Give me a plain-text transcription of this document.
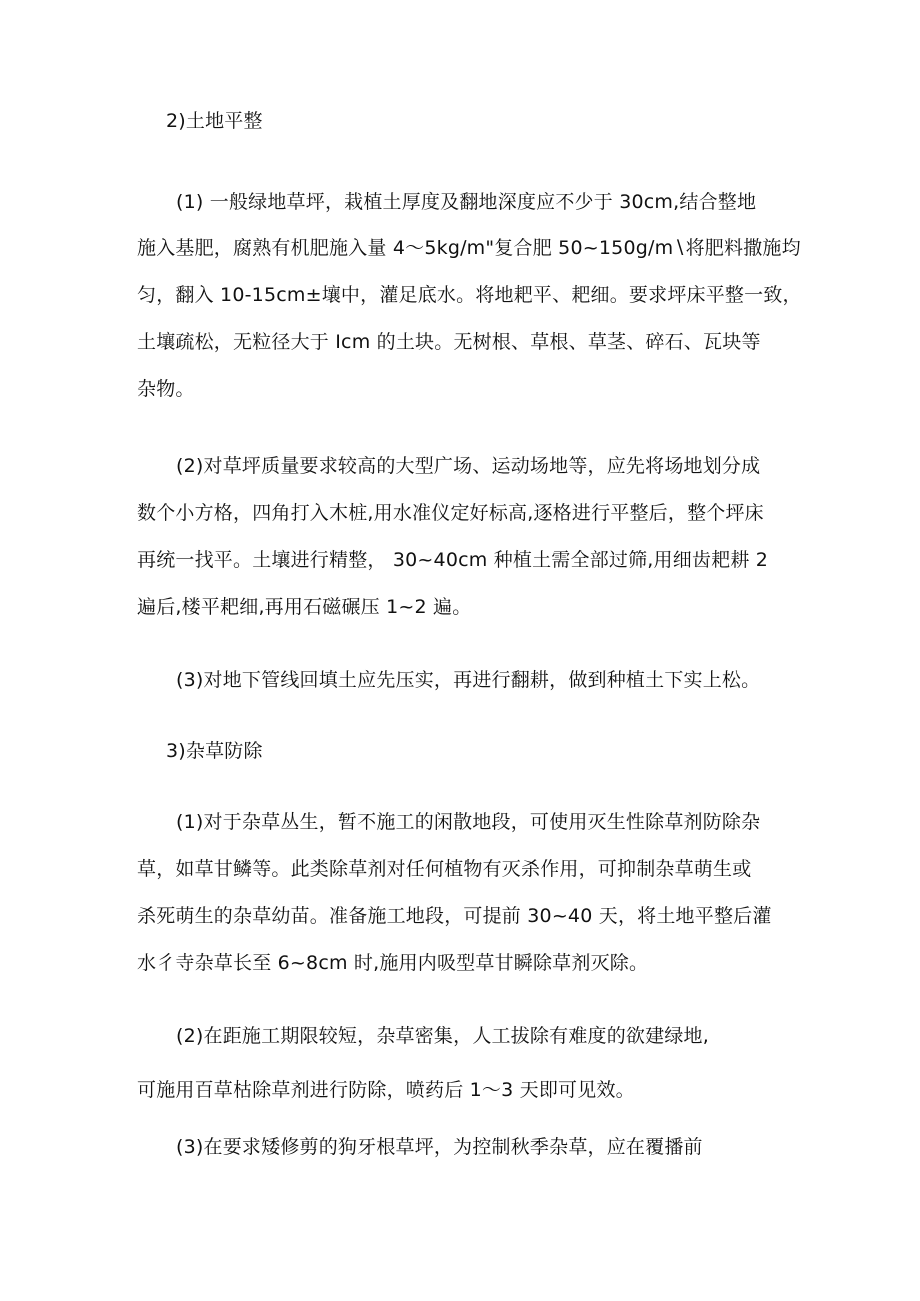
2)土地平整
(1) 一般绿地草坪，栽植土厚度及翻地深度应不少于 30cm,结合整地
施入基肥，腐熟有机肥施入量 4～5kg∕m"复合肥 50~150g∕m∖将肥料撒施均
匀，翻入 10-15cm±壤中，灌足底水。将地耙平、耙细。要求坪床平整一致，
土壤疏松，无粒径大于 Icm 的土块。无树根、草根、草茎、碎石、瓦块等
杂物。
(2)对草坪质量要求较高的大型广场、运动场地等，应先将场地划分成
数个小方格，四角打入木桩,用水准仪定好标高,逐格进行平整后，整个坪床
再统一找平。土壤进行精整， 30~40cm 种植土需全部过筛,用细齿耙耕 2
遍后,楼平耙细,再用石磁碾压 1~2 遍。
(3)对地下管线回填土应先压实，再进行翻耕，做到种植土下实上松。
3)杂草防除
(1)对于杂草丛生，暂不施工的闲散地段，可使用灭生性除草剂防除杂
草，如草甘鳞等。此类除草剂对任何植物有灭杀作用，可抑制杂草萌生或
杀死萌生的杂草幼苗。准备施工地段，可提前 30~40 天，将土地平整后灌
水彳寺杂草长至 6~8cm 时,施用内吸型草甘瞬除草剂灭除。
(2)在距施工期限较短，杂草密集，人工拔除有难度的欲建绿地,
可施用百草枯除草剂进行防除，喷药后 1～3 天即可见效。
(3)在要求矮修剪的狗牙根草坪，为控制秋季杂草，应在覆播前
